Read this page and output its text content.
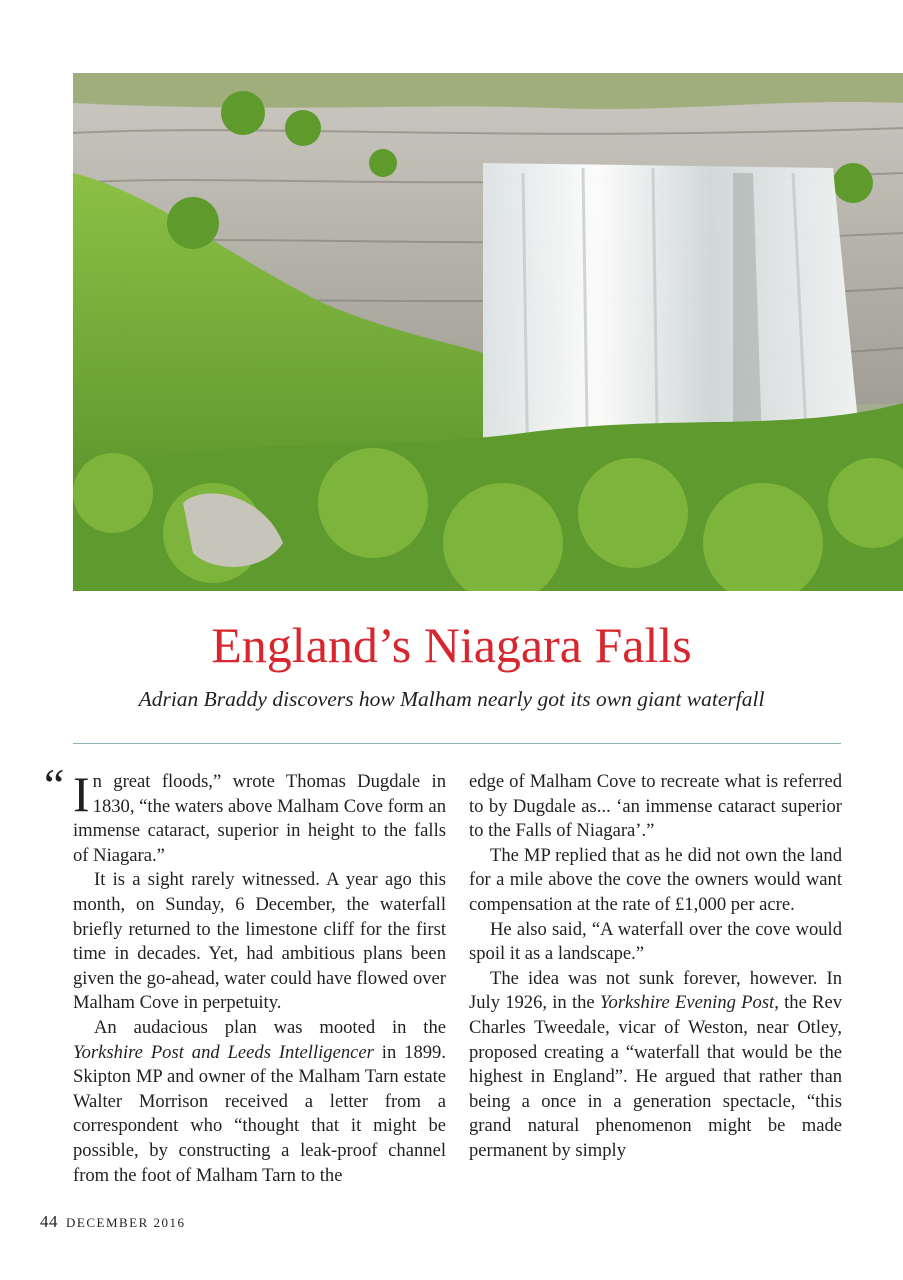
England’s Niagara Falls

Adrian Braddy discovers how Malham nearly got its own giant waterfall

“ In great floods,” wrote Thomas Dugdale in 1830, “the waters above Malham Cove form an immense cataract, superior in height to the falls of Niagara.”

It is a sight rarely witnessed. A year ago this month, on Sunday, 6 December, the waterfall briefly returned to the limestone cliff for the first time in decades. Yet, had ambitious plans been given the go-ahead, water could have flowed over Malham Cove in perpetuity.

An audacious plan was mooted in the Yorkshire Post and Leeds Intelligencer in 1899. Skipton MP and owner of the Malham Tarn estate Walter Morrison received a letter from a correspondent who “thought that it might be possible, by constructing a leak-proof channel from the foot of Malham Tarn to the

edge of Malham Cove to recreate what is referred to by Dugdale as... ‘an immense cataract superior to the Falls of Niagara’.”

The MP replied that as he did not own the land for a mile above the cove the owners would want compensation at the rate of £1,000 per acre.

He also said, “A waterfall over the cove would spoil it as a landscape.”

The idea was not sunk forever, however. In July 1926, in the Yorkshire Evening Post, the Rev Charles Tweedale, vicar of Weston, near Otley, proposed creating a “waterfall that would be the highest in England”. He argued that rather than being a once in a generation spectacle, “this grand natural phenomenon might be made permanent by simply

44 DECEMBER 2016
